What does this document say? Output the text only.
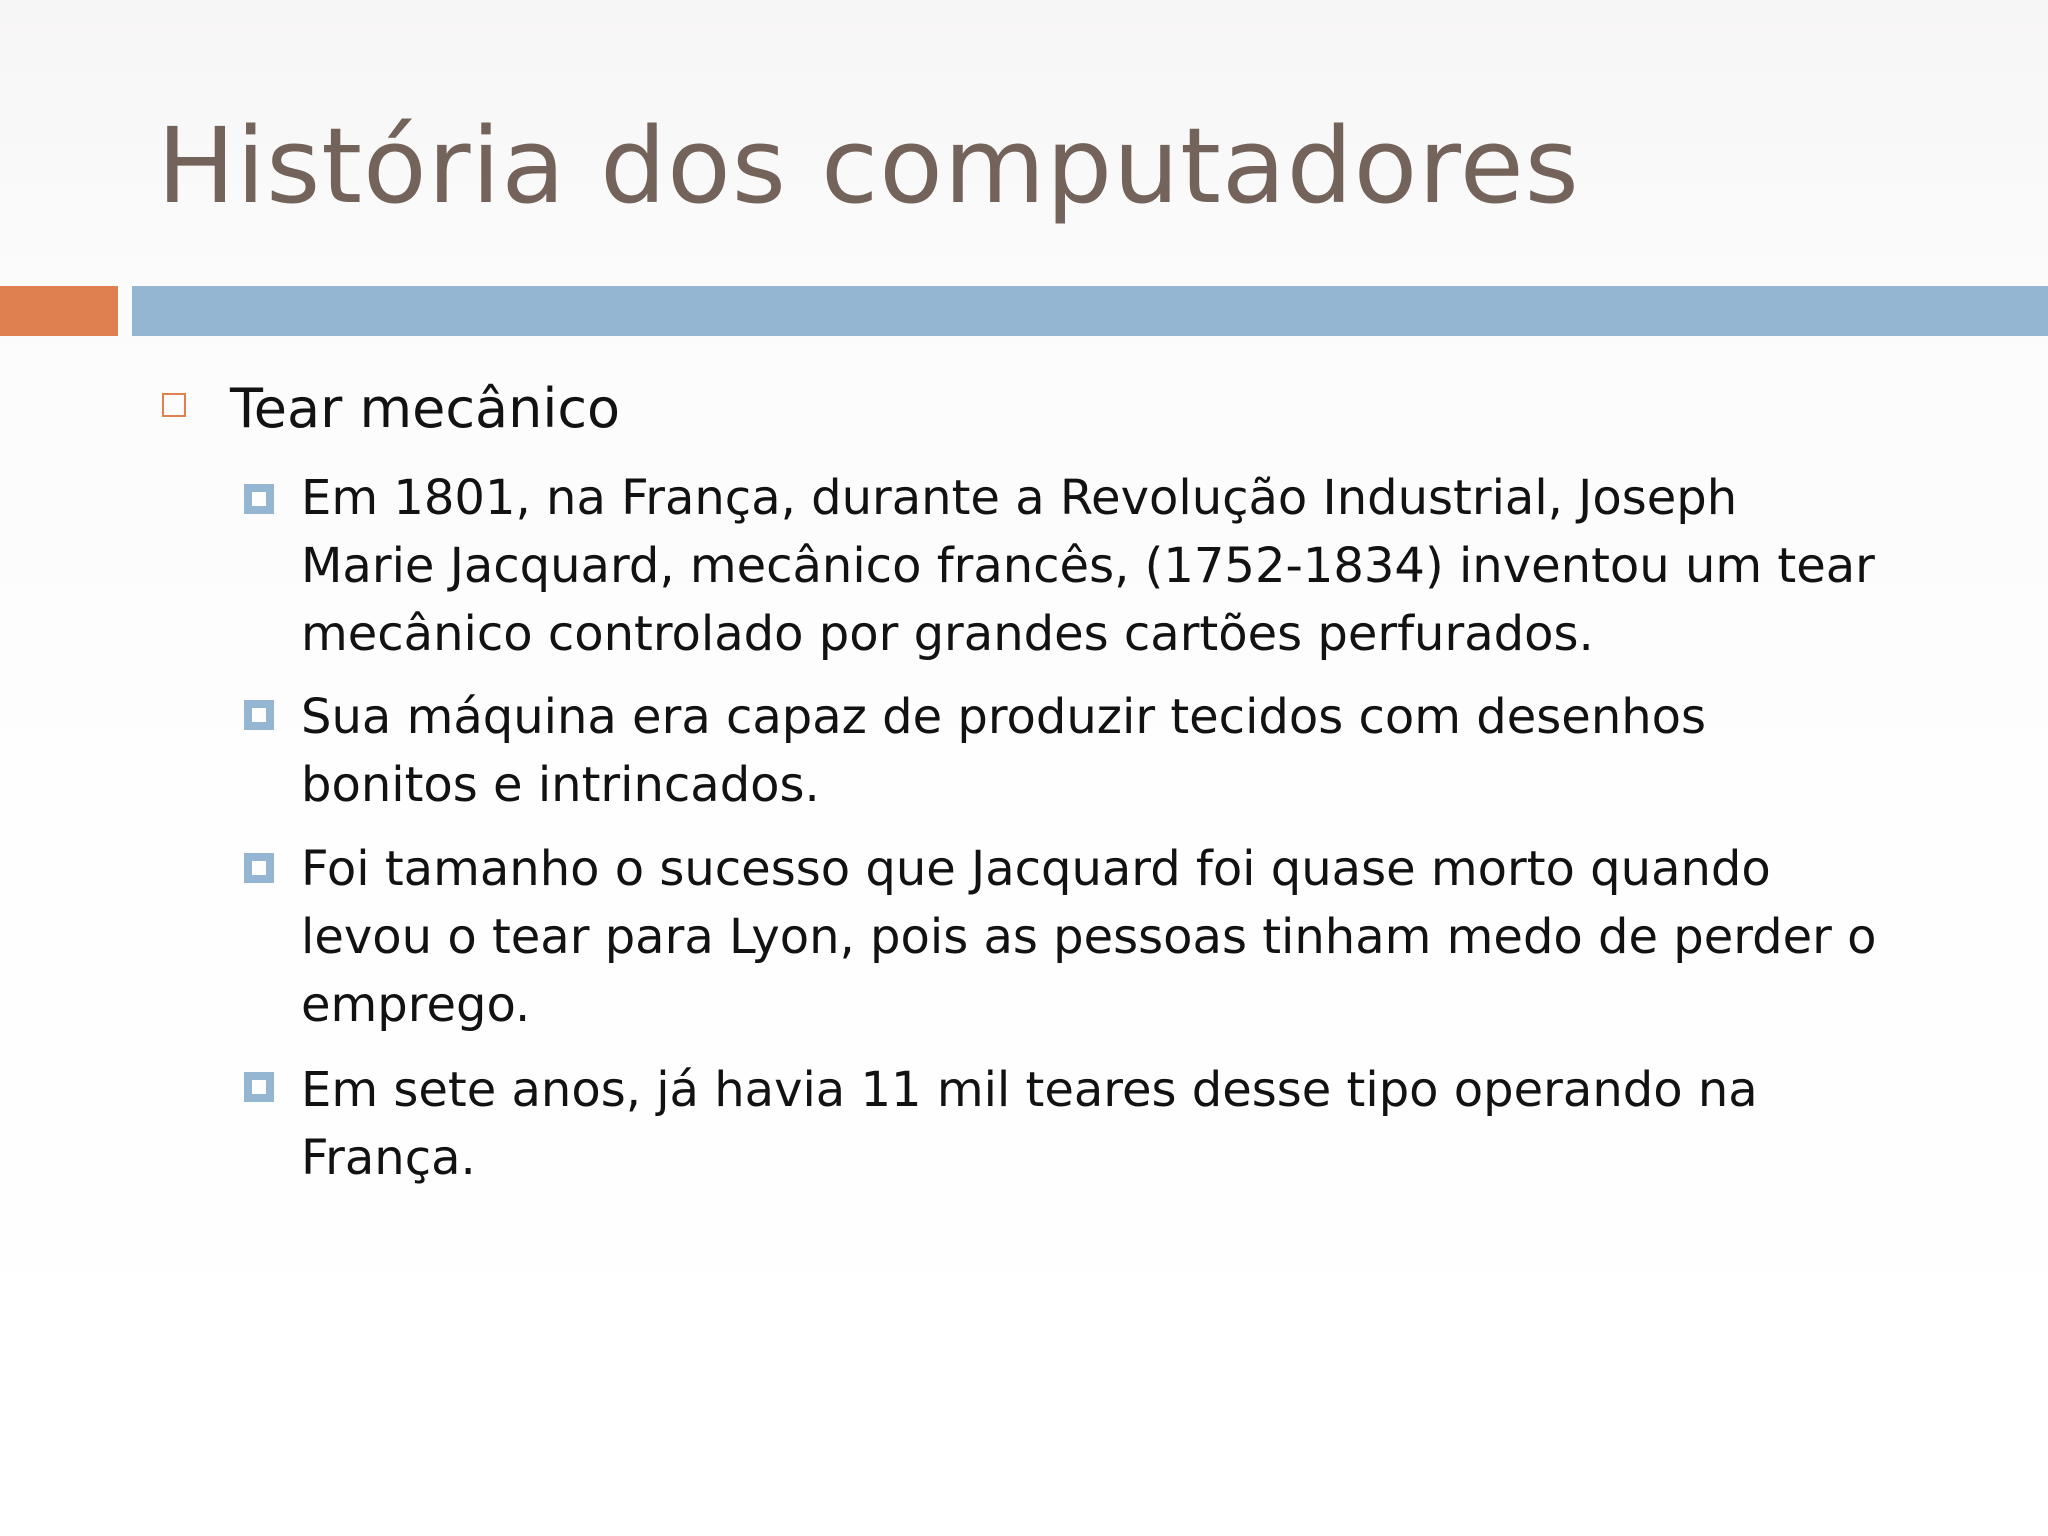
História dos computadores
Tear mecânico
Em 1801, na França, durante a Revolução Industrial, Joseph
Marie Jacquard, mecânico francês, (1752-1834) inventou um tear
mecânico controlado por grandes cartões perfurados.
Sua máquina era capaz de produzir tecidos com desenhos
bonitos e intrincados.
Foi tamanho o sucesso que Jacquard foi quase morto quando
levou o tear para Lyon, pois as pessoas tinham medo de perder o
emprego.
Em sete anos, já havia 11 mil teares desse tipo operando na
França.
